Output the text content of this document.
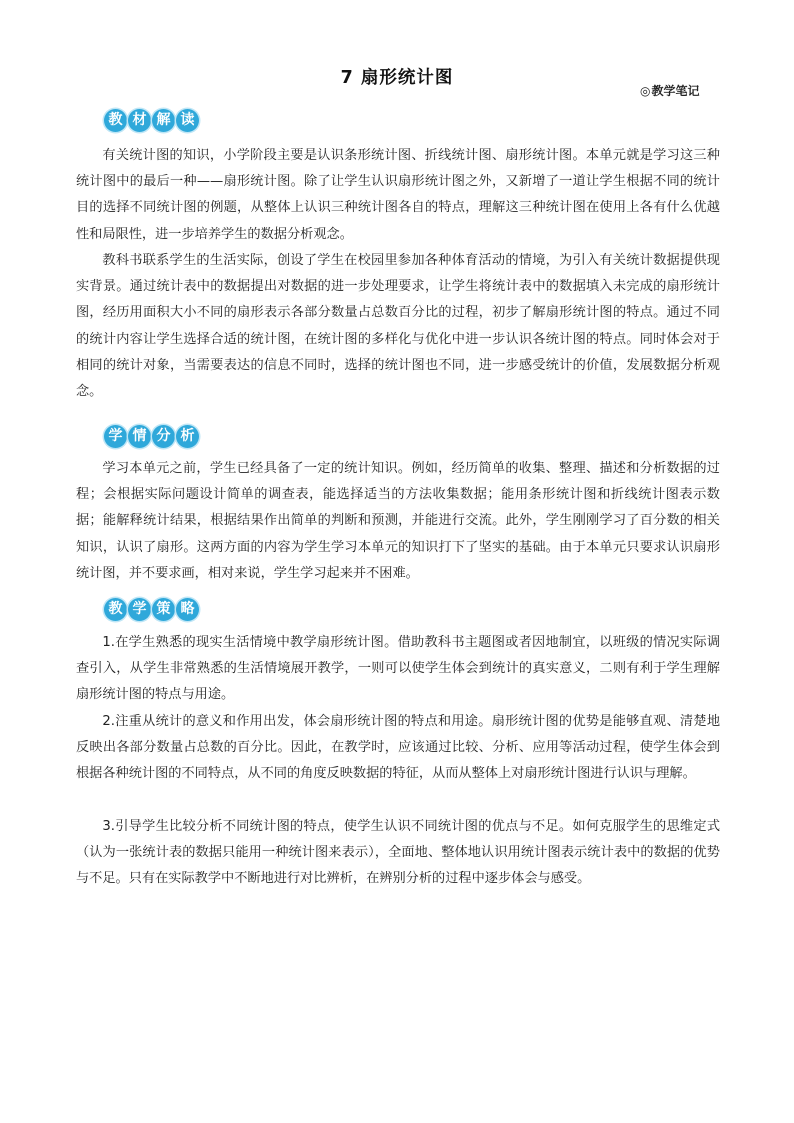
7 扇形统计图
◎教学笔记
教 材 解 读

有关统计图的知识，小学阶段主要是认识条形统计图、折线统计图、扇形统计图。本单元就是学习这三种统计图中的最后一种——扇形统计图。除了让学生认识扇形统计图之外，又新增了一道让学生根据不同的统计目的选择不同统计图的例题，从整体上认识三种统计图各自的特点，理解这三种统计图在使用上各有什么优越性和局限性，进一步培养学生的数据分析观念。

教科书联系学生的生活实际，创设了学生在校园里参加各种体育活动的情境，为引入有关统计数据提供现实背景。通过统计表中的数据提出对数据的进一步处理要求，让学生将统计表中的数据填入未完成的扇形统计图，经历用面积大小不同的扇形表示各部分数量占总数百分比的过程，初步了解扇形统计图的特点。通过不同的统计内容让学生选择合适的统计图，在统计图的多样化与优化中进一步认识各统计图的特点。同时体会对于相同的统计对象，当需要表达的信息不同时，选择的统计图也不同，进一步感受统计的价值，发展数据分析观念。

学 情 分 析

学习本单元之前，学生已经具备了一定的统计知识。例如，经历简单的收集、整理、描述和分析数据的过程；会根据实际问题设计简单的调查表，能选择适当的方法收集数据；能用条形统计图和折线统计图表示数据；能解释统计结果，根据结果作出简单的判断和预测，并能进行交流。此外，学生刚刚学习了百分数的相关知识，认识了扇形。这两方面的内容为学生学习本单元的知识打下了坚实的基础。由于本单元只要求认识扇形统计图，并不要求画，相对来说，学生学习起来并不困难。

教 学 策 略

1.在学生熟悉的现实生活情境中教学扇形统计图。借助教科书主题图或者因地制宜，以班级的情况实际调查引入，从学生非常熟悉的生活情境展开教学，一则可以使学生体会到统计的真实意义，二则有利于学生理解扇形统计图的特点与用途。

2.注重从统计的意义和作用出发，体会扇形统计图的特点和用途。扇形统计图的优势是能够直观、清楚地反映出各部分数量占总数的百分比。因此，在教学时，应该通过比较、分析、应用等活动过程，使学生体会到根据各种统计图的不同特点，从不同的角度反映数据的特征，从而从整体上对扇形统计图进行认识与理解。

3.引导学生比较分析不同统计图的特点，使学生认识不同统计图的优点与不足。如何克服学生的思维定式（认为一张统计表的数据只能用一种统计图来表示），全面地、整体地认识用统计图表示统计表中的数据的优势与不足。只有在实际教学中不断地进行对比辨析，在辨别分析的过程中逐步体会与感受。
